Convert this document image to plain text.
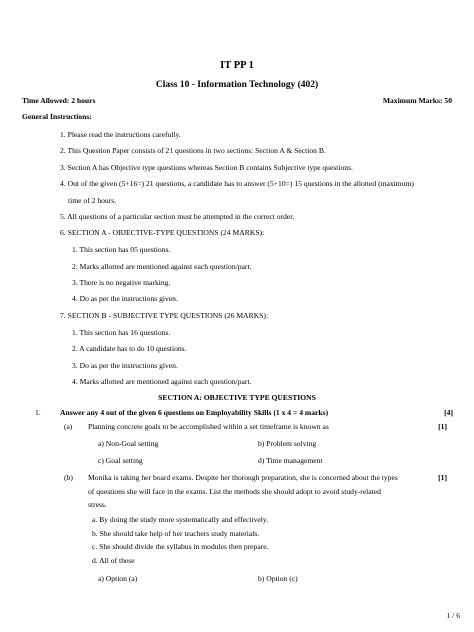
IT PP 1
Class 10 - Information Technology (402)
Time Allowed: 2 hours	Maximum Marks: 50
General Instructions:
1. Please read the instructions carefully.
2. This Question Paper consists of 21 questions in two sections: Section A & Section B.
3. Section A has Objective type questions whereas Section B contains Subjective type questions.
4. Out of the given (5+16=) 21 questions, a candidate has to answer (5+10=) 15 questions in the allotted (maximum)
time of 2 hours.
5. All questions of a particular section must be attempted in the correct order.
6. SECTION A - OBJECTIVE-TYPE QUESTIONS (24 MARKS):
1. This section has 05 questions.
2. Marks allotted are mentioned against each question/part.
3. There is no negative marking.
4. Do as per the instructions given.
7. SECTION B - SUBJECTIVE TYPE QUESTIONS (26 MARKS):
1. This section has 16 questions.
2. A candidate has to do 10 questions.
3. Do as per the instructions given.
4. Marks allotted are mentioned against each question/part.
SECTION A: OBJECTIVE TYPE QUESTIONS
1.	Answer any 4 out of the given 6 questions on Employability Skills (1 x 4 = 4 marks)	[4]
(a) Planning concrete goals to be accomplished within a set timeframe is known as	[1]
a) Non-Goal setting	b) Problem solving
c) Goal setting	d) Time management
(b) Monika is taking her board exams. Despite her thorough preparation, she is concerned about the types	[1]
of questions she will face in the exams. List the methods she should adopt to avoid study-related
stress.
a. By doing the study more systematically and effectively.
b. She should take help of her teachers study materials.
c. She should divide the syllabus in modules then prepare.
d. All of these
a) Option (a)	b) Option (c)
1 / 6
